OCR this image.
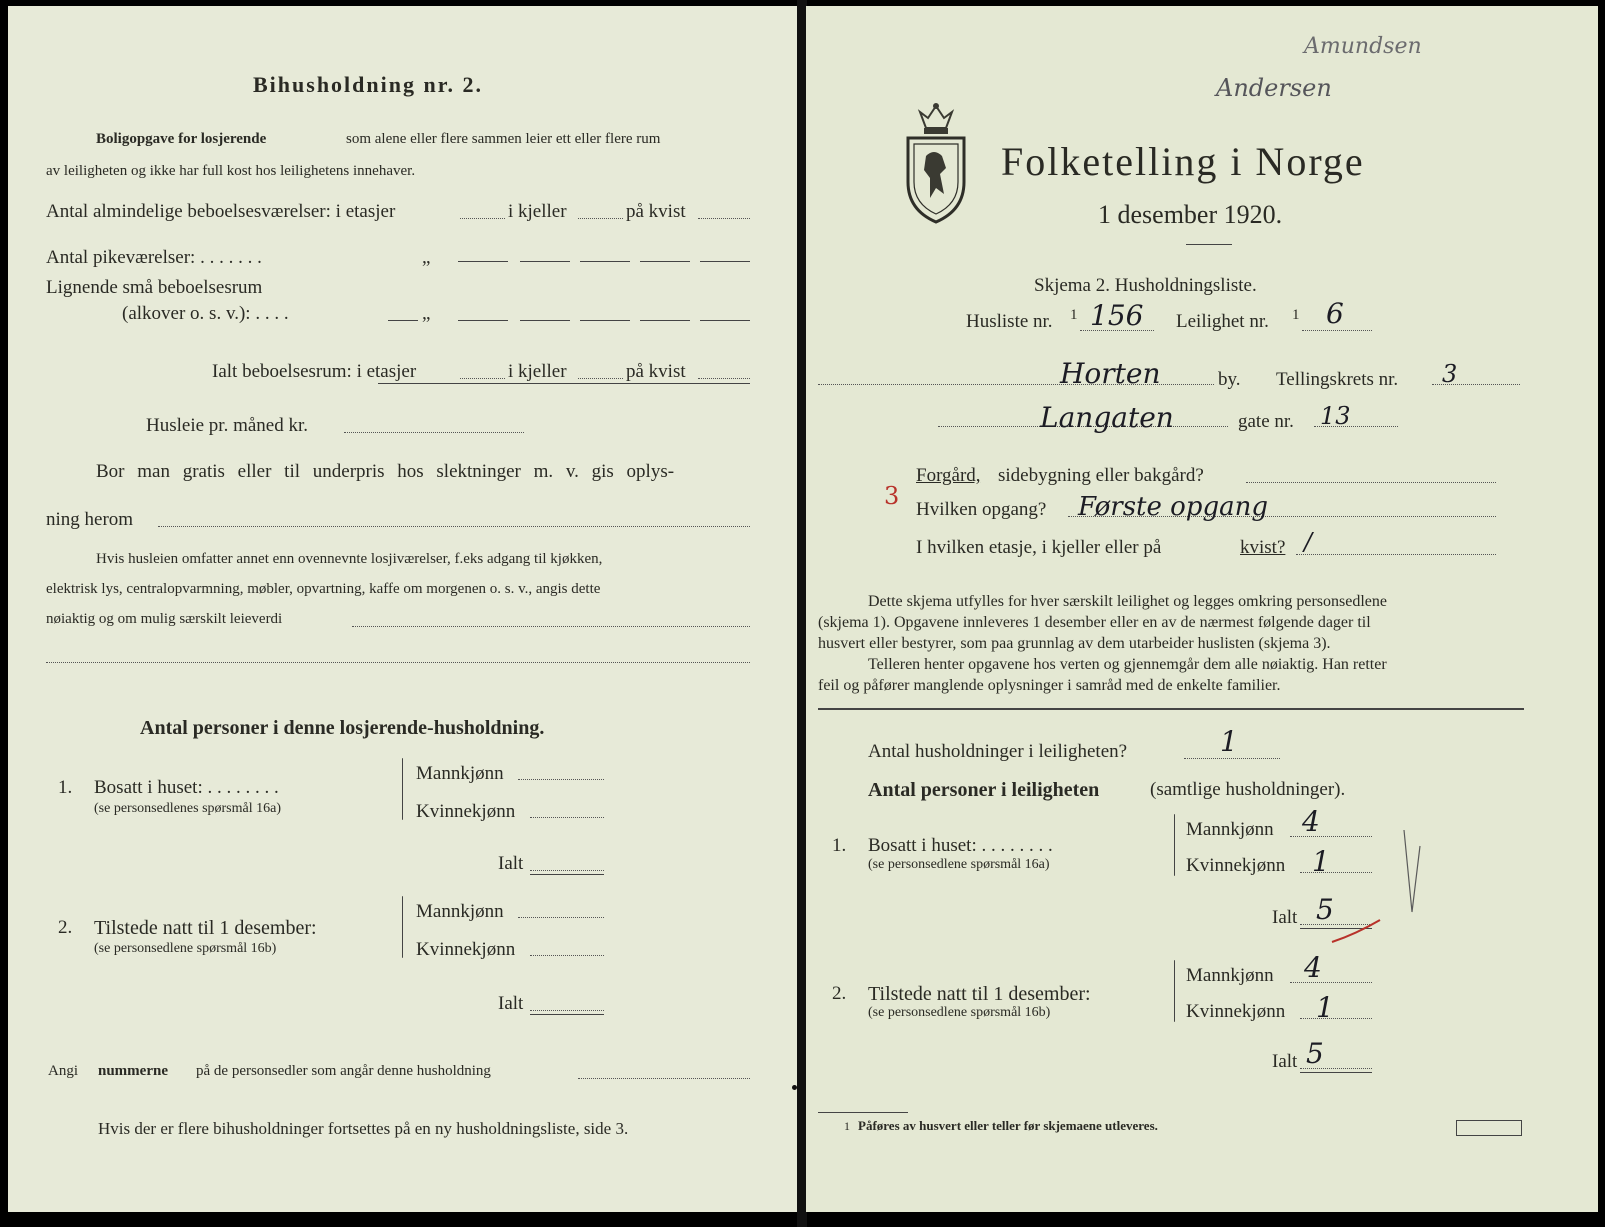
Bihusholdning nr. 2.
Boligopgave for losjerende	som alene eller flere sammen leier ett eller flere rum
av leiligheten og ikke har full kost hos leilighetens innehaver.
Antal almindelige beboelsesværelser: i etasjer	i kjeller	på kvist
Antal pikeværelser: . . . . . . .	„
Lignende små beboelsesrum
(alkover o. s. v.): . . . .	„
Ialt beboelsesrum: i etasjer	i kjeller	på kvist
Husleie pr. måned kr.
Bor man gratis eller til underpris hos slektninger m. v. gis oplys-
ning herom
Hvis husleien omfatter annet enn ovennevnte losjiværelser, f.eks adgang til kjøkken,
elektrisk lys, centralopvarmning, møbler, opvartning, kaffe om morgenen o. s. v., angis dette
nøiaktig og om mulig særskilt leieverdi
Antal personer i denne losjerende-husholdning.
1. Bosatt i huset: . . . . . . . .
(se personsedlenes spørsmål 16a)
Mannkjønn
Kvinnekjønn
Ialt
2. Tilstede natt til 1 desember:
(se personsedlene spørsmål 16b)
Mannkjønn
Kvinnekjønn
Ialt
Angi nummerne på de personsedler som angår denne husholdning
Hvis der er flere bihusholdninger fortsettes på en ny husholdningsliste, side 3.
Amundsen
Andersen
Folketelling i Norge
1 desember 1920.
Skjema 2. Husholdningsliste.
Husliste nr. 1 156 Leilighet nr. 1 6
Horten	by. Tellingskrets nr. 3
Langaten	gate nr. 13
Forgård, sidebygning eller bakgård?
3 Hvilken opgang? Første opgang
I hvilken etasje, i kjeller eller på	kvist? /
Dette skjema utfylles for hver særskilt leilighet og legges omkring personsedlene
(skjema 1). Opgavene innleveres 1 desember eller en av de nærmest følgende dager til
husvert eller bestyrer, som paa grunnlag av dem utarbeider huslisten (skjema 3).
Telleren henter opgavene hos verten og gjennemgår dem alle nøiaktig. Han retter
feil og påfører manglende oplysninger i samråd med de enkelte familier.
Antal husholdninger i leiligheten?	1
Antal personer i leiligheten	(samtlige husholdninger).
1. Bosatt i huset: . . . . . . . .
(se personsedlene spørsmål 16a)
Mannkjønn 4
Kvinnekjønn 1
Ialt 5
2. Tilstede natt til 1 desember:
(se personsedlene spørsmål 16b)
Mannkjønn 4
Kvinnekjønn 1
Ialt 5
1 Påføres av husvert eller teller før skjemaene utleveres.
